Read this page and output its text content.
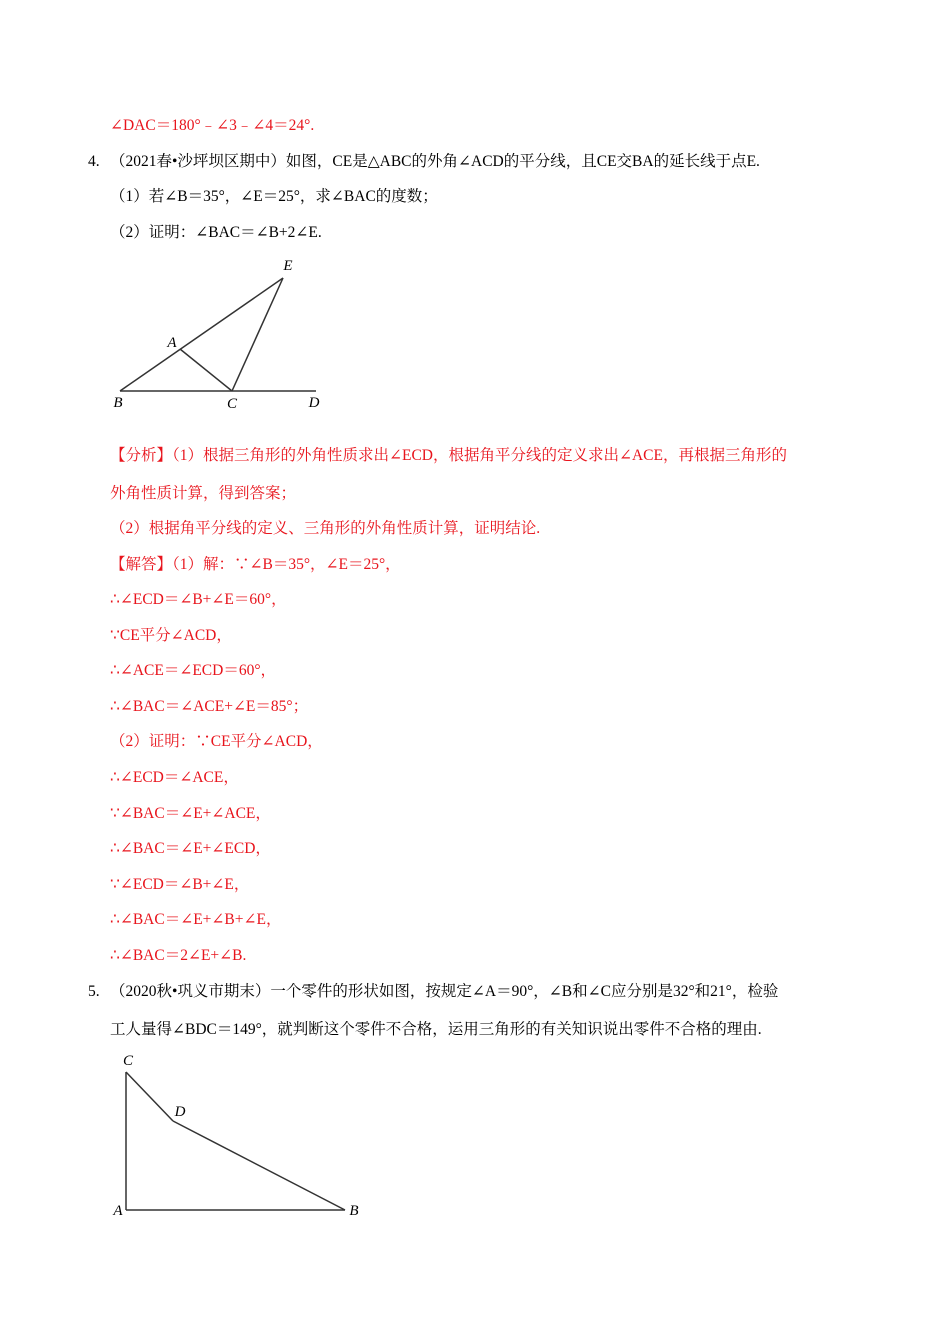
∠DAC＝180°﹣∠3﹣∠4＝24°.
4. （2021春•沙坪坝区期中）如图，CE是△ABC的外角∠ACD的平分线，且CE交BA的延长线于点E.
（1）若∠B＝35°，∠E＝25°，求∠BAC的度数；
（2）证明：∠BAC＝∠B+2∠E.
E
A
B	C	D
【分析】（1）根据三角形的外角性质求出∠ECD，根据角平分线的定义求出∠ACE，再根据三角形的
外角性质计算，得到答案；
（2）根据角平分线的定义、三角形的外角性质计算，证明结论.
【解答】（1）解：∵∠B＝35°，∠E＝25°，
∴∠ECD＝∠B+∠E＝60°，
∵CE平分∠ACD，
∴∠ACE＝∠ECD＝60°，
∴∠BAC＝∠ACE+∠E＝85°；
（2）证明：∵CE平分∠ACD，
∴∠ECD＝∠ACE，
∵∠BAC＝∠E+∠ACE，
∴∠BAC＝∠E+∠ECD，
∵∠ECD＝∠B+∠E，
∴∠BAC＝∠E+∠B+∠E，
∴∠BAC＝2∠E+∠B.
5. （2020秋•巩义市期末）一个零件的形状如图，按规定∠A＝90°，∠B和∠C应分别是32°和21°，检验
工人量得∠BDC＝149°，就判断这个零件不合格，运用三角形的有关知识说出零件不合格的理由.
C
D
A	B
